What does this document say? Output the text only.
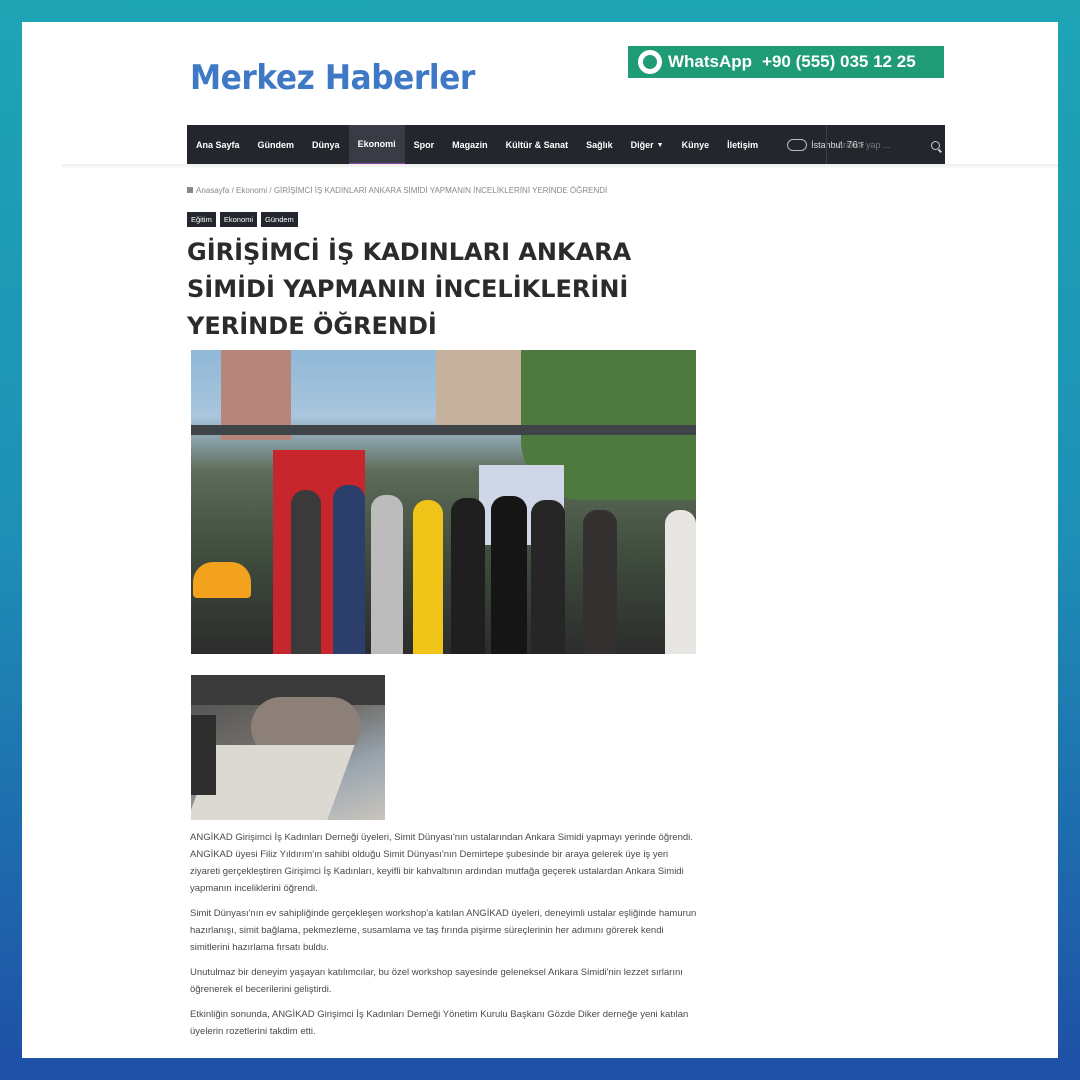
Merkez Haberler	WhatsApp +90 (555) 035 12 25
Ana Sayfa	Gündem	Dünya	Ekonomi	Spor	Magazin	Kültür & Sanat	Sağlık	Diğer ▼	Künye	İletişim	İstanbul 76 ℉
Arama yap ...
Anasayfa / Ekonomi / GİRİŞİMCİ İŞ KADINLARI ANKARA SİMİDİ YAPMANIN İNCELİKLERİNİ YERİNDE ÖĞRENDİ
Eğitim	Ekonomi	Gündem
GİRİŞİMCİ İŞ KADINLARI ANKARA SİMİDİ YAPMANIN İNCELİKLERİNİ YERİNDE ÖĞRENDİ

ANGİKAD Girişimci İş Kadınları Derneği üyeleri, Simit Dünyası'nın ustalarından Ankara Simidi yapmayı yerinde öğrendi. ANGİKAD üyesi Filiz Yıldırım'ın sahibi olduğu Simit Dünyası'nın Demirtepe şubesinde bir araya gelerek üye iş yeri ziyareti gerçekleştiren Girişimci İş Kadınları, keyifli bir kahvaltının ardından mutfağa geçerek ustalardan Ankara Simidi yapmanın inceliklerini öğrendi.

Simit Dünyası'nın ev sahipliğinde gerçekleşen workshop'a katılan ANGİKAD üyeleri, deneyimli ustalar eşliğinde hamurun hazırlanışı, simit bağlama, pekmezleme, susamlama ve taş fırında pişirme süreçlerinin her adımını görerek kendi simitlerini hazırlama fırsatı buldu.

Unutulmaz bir deneyim yaşayan katılımcılar, bu özel workshop sayesinde geleneksel Ankara Simidi'nin lezzet sırlarını öğrenerek el becerilerini geliştirdi.

Etkinliğin sonunda, ANGİKAD Girişimci İş Kadınları Derneği Yönetim Kurulu Başkanı Gözde Diker derneğe yeni katılan üyelerin rozetlerini takdim etti.
